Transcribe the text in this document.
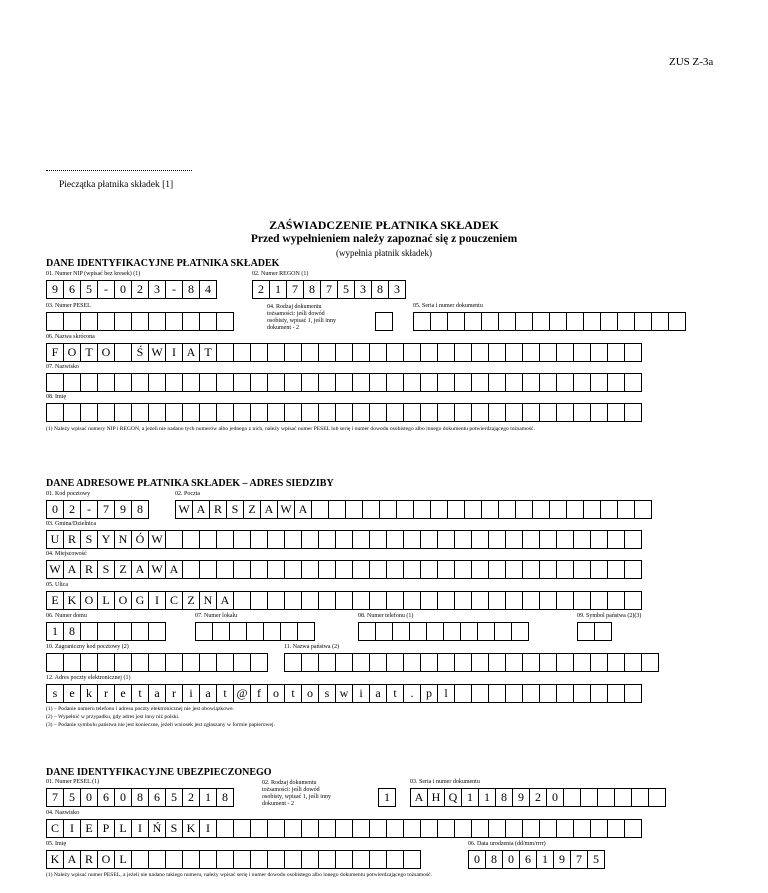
ZUS Z-3a
Pieczątka płatnika składek [1]
ZAŚWIADCZENIE PŁATNIKA SKŁADEK
Przed wypełnieniem należy zapoznać się z pouczeniem
(wypełnia płatnik składek)
DANE IDENTYFIKACYJNE PŁATNIKA SKŁADEK
01. Numer NIP (wpisać bez kresek) (1)
9 6 5	-	0 2 3	-	8 4
02. Numer REGON (1)
2 1 7 8 7 5 3 8 3
03. Numer PESEL	04. Rodzaj dokumentu tożsamości: jeśli dowód osobisty, wpisać 1, jeśli inny dokument - 2
05. Seria i numer dokumentu
06. Nazwa skrócona
F O T O	Ś W I A T
07. Nazwisko
08. Imię
(1) Należy wpisać numery NIP i REGON, a jeżeli nie nadano tych numerów albo jednego z nich, należy wpisać numer PESEL lub serię i numer dowodu osobistego albo innego dokumentu potwierdzającego tożsamość.
DANE ADRESOWE PŁATNIKA SKŁADEK – ADRES SIEDZIBY
01. Kod pocztowy
0 2	-	7 9 8
02. Poczta
W A R S Z A W A
03. Gmina/Dzielnica
U R S Y N Ó W
04. Miejscowość
W A R S Z A W A
05. Ulica
E K O L O G I C Z N A
06. Numer domu
1 8
07. Numer lokalu	08. Numer telefonu (1)	09. Symbol państwa (2)(3)
10. Zagraniczny kod pocztowy (2)	11. Nazwa państwa (2)
12. Adres poczty elektronicznej (1)
s	e k	r	e	t	a	r	i	a	t @ f	o	t	o s w i	a	t	.	p	l
(1) – Podanie numeru telefonu i adresu poczty elektronicznej nie jest obowiązkowe.
(2) – Wypełnić w przypadku, gdy adres jest inny niż polski.
(3) – Podanie symbolu państwa nie jest konieczne, jeżeli wniosek jest zgłaszany w formie papierowej.
DANE IDENTYFIKACYJNE UBEZPIECZONEGO
01. Numer PESEL (1)
7 5 0 6 0 8 6 5 2 1 8
02. Rodzaj dokumentu tożsamości: jeśli dowód osobisty, wpisać 1, jeśli inny dokument - 2	1
03. Seria i numer dokumentu
A H Q 1 1 8 9 2 0
04. Nazwisko
C I E P L I Ń S K I
05. Imię
K A R O L
06. Data urodzenia (dd/mm/rrrr)
0 8 0 6 1 9 7 5
(1) Należy wpisać numer PESEL, a jeżeli nie nadano takiego numeru, należy wpisać serię i numer dowodu osobistego albo innego dokumentu potwierdzającego tożsamość.
